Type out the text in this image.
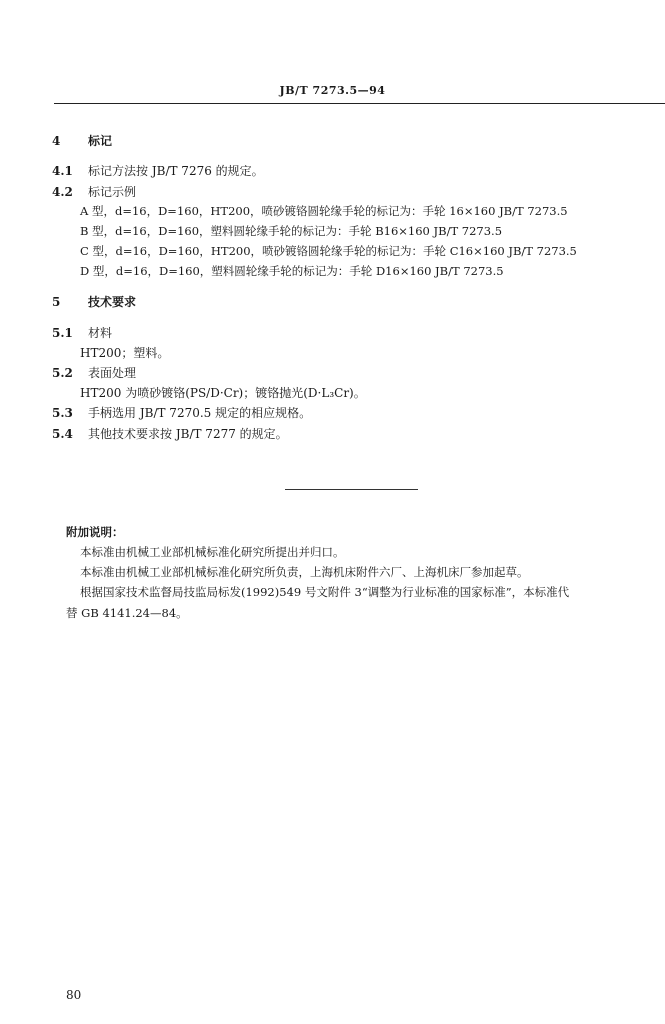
JB/T 7273.5—94
4 标记
4.1 标记方法按 JB/T 7276 的规定。
4.2 标记示例
A 型，d=16，D=160，HT200，喷砂镀铬圆轮缘手轮的标记为：手轮 16×160 JB/T 7273.5
B 型，d=16，D=160，塑料圆轮缘手轮的标记为：手轮 B16×160 JB/T 7273.5
C 型，d=16，D=160，HT200，喷砂镀铬圆轮缘手轮的标记为：手轮 C16×160 JB/T 7273.5
D 型，d=16，D=160，塑料圆轮缘手轮的标记为：手轮 D16×160 JB/T 7273.5
5 技术要求
5.1 材料
HT200；塑料。
5.2 表面处理
HT200 为喷砂镀铬(PS/D·Cr)；镀铬抛光(D·L₃Cr)。
5.3 手柄选用 JB/T 7270.5 规定的相应规格。
5.4 其他技术要求按 JB/T 7277 的规定。
附加说明：
本标准由机械工业部机械标准化研究所提出并归口。
本标准由机械工业部机械标准化研究所负责，上海机床附件六厂、上海机床厂参加起草。
根据国家技术监督局技监局标发(1992)549 号文附件 3“调整为行业标准的国家标准”，本标准代
替 GB 4141.24—84。
80
